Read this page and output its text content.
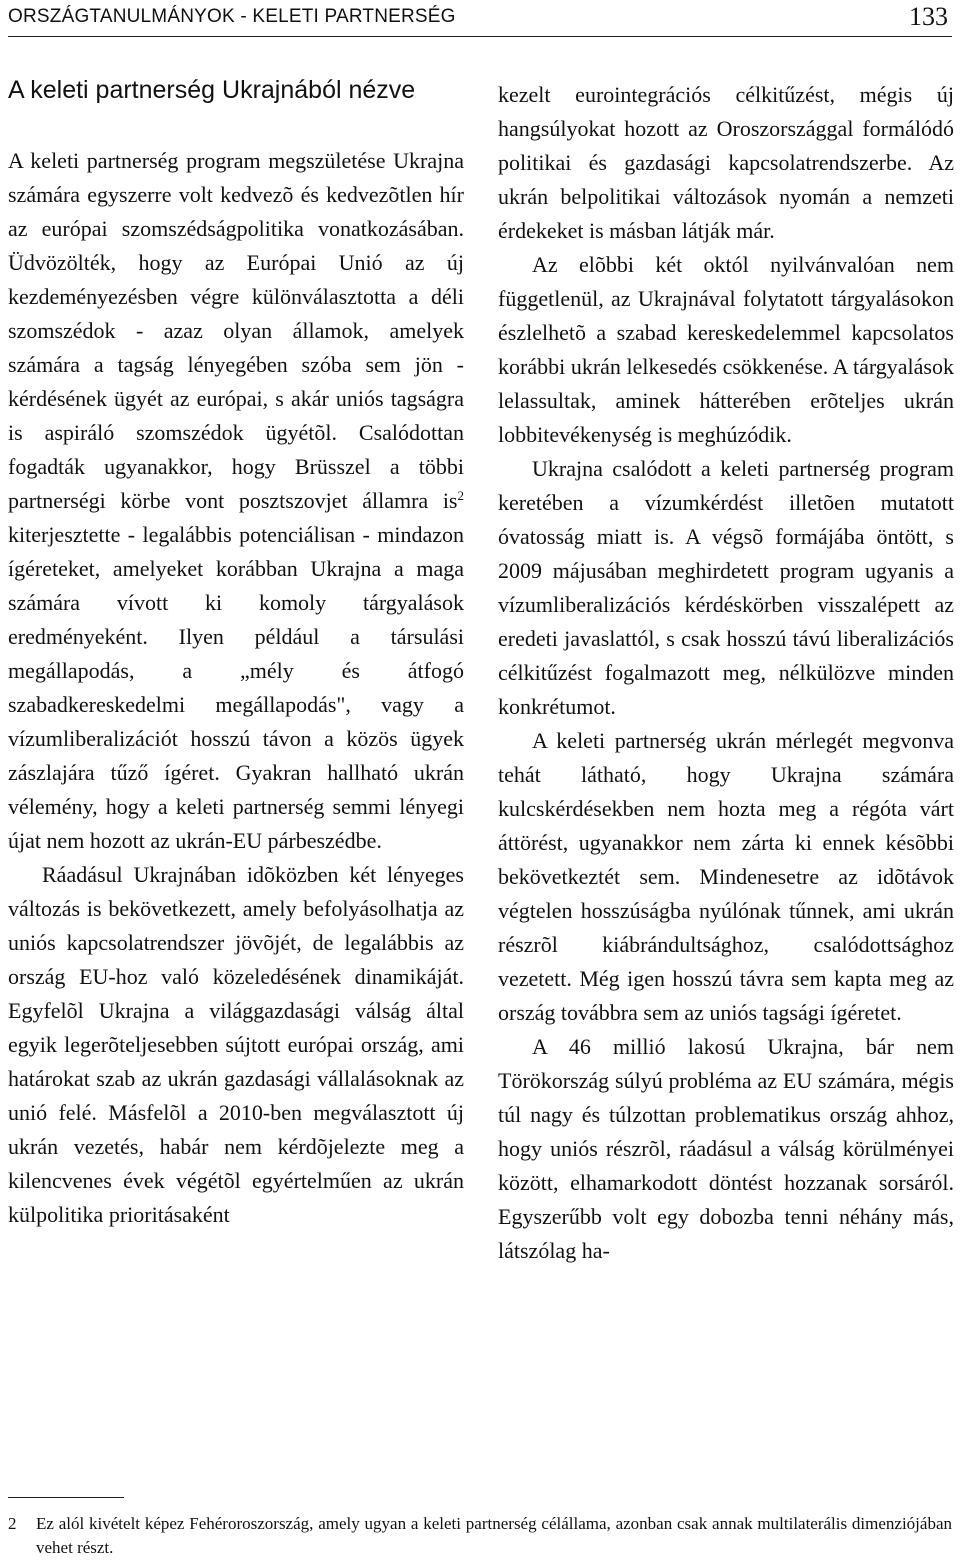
ORSZÁGTANULMÁNYOK - KELETI PARTNERSÉG	133
A keleti partnerség Ukrajnából nézve

A keleti partnerség program megszületése Ukrajna számára egyszerre volt kedvezõ és kedvezõtlen hír az európai szomszédságpolitika vonatkozásában. Üdvözölték, hogy az Európai Unió az új kezdeményezésben végre különválasztotta a déli szomszédok - azaz olyan államok, amelyek számára a tagság lényegében szóba sem jön - kérdésének ügyét az európai, s akár uniós tagságra is aspiráló szomszédok ügyétõl. Csalódottan fogadták ugyanakkor, hogy Brüsszel a többi partnerségi körbe vont posztszovjet államra $is^2$ kiterjesztette - legalábbis potenciálisan - mindazon ígéreteket, amelyeket korábban Ukrajna a maga számára vívott ki komoly tárgyalások eredményeként. Ilyen például a társulási megállapodás, a „mély és átfogó szabadkereskedelmi megállapodás", vagy a vízumliberalizációt hosszú távon a közös ügyek zászlajára tűző ígéret. Gyakran hallható ukrán vélemény, hogy a keleti partnerség semmi lényegi újat nem hozott az ukrán-EU párbeszédbe.

Ráadásul Ukrajnában idõközben két lényeges változás is bekövetkezett, amely befolyásolhatja az uniós kapcsolatrendszer jövõjét, de legalábbis az ország EU-hoz való közeledésének dinamikáját. Egyfelõl Ukrajna a világgazdasági válság által egyik legerõteljesebben sújtott európai ország, ami határokat szab az ukrán gazdasági vállalásoknak az unió felé. Másfelõl a 2010-ben megválasztott új ukrán vezetés, habár nem kérdõjelezte meg a kilencvenes évek végétõl egyértelműen az ukrán külpolitika prioritásaként

kezelt eurointegrációs célkitűzést, mégis új hangsúlyokat hozott az Oroszországgal formálódó politikai és gazdasági kapcsolatrendszerbe. Az ukrán belpolitikai változások nyomán a nemzeti érdekeket is másban látják már.

Az elõbbi két októl nyilvánvalóan nem függetlenül, az Ukrajnával folytatott tárgyalásokon észlelhetõ a szabad kereskedelemmel kapcsolatos korábbi ukrán lelkesedés csökkenése. A tárgyalások lelassultak, aminek hátterében erõteljes ukrán lobbitevékenység is meghúzódik.

Ukrajna csalódott a keleti partnerség program keretében a vízumkérdést illetõen mutatott óvatosság miatt is. A végsõ formájába öntött, s 2009 májusában meghirdetett program ugyanis a vízumliberalizációs kérdéskörben visszalépett az eredeti javaslattól, s csak hosszú távú liberalizációs célkitűzést fogalmazott meg, nélkülözve minden konkrétumot.

A keleti partnerség ukrán mérlegét megvonva tehát látható, hogy Ukrajna számára kulcskérdésekben nem hozta meg a régóta várt áttörést, ugyanakkor nem zárta ki ennek késõbbi bekövetkeztét sem. Mindenesetre az idõtávok végtelen hosszúságba nyúlónak tűnnek, ami ukrán részrõl kiábrándultsághoz, csalódottsághoz vezetett. Még igen hosszú távra sem kapta meg az ország továbbra sem az uniós tagsági ígéretet.

A 46 millió lakosú Ukrajna, bár nem Törökország súlyú probléma az EU számára, mégis túl nagy és túlzottan problematikus ország ahhoz, hogy uniós részrõl, ráadásul a válság körülményei között, elhamarkodott döntést hozzanak sorsáról. Egyszerűbb volt egy dobozba tenni néhány más, látszólag ha-

2 Ez alól kivételt képez Fehéroroszország, amely ugyan a keleti partnerség célállama, azonban csak annak multilaterális dimenziójában vehet részt.
